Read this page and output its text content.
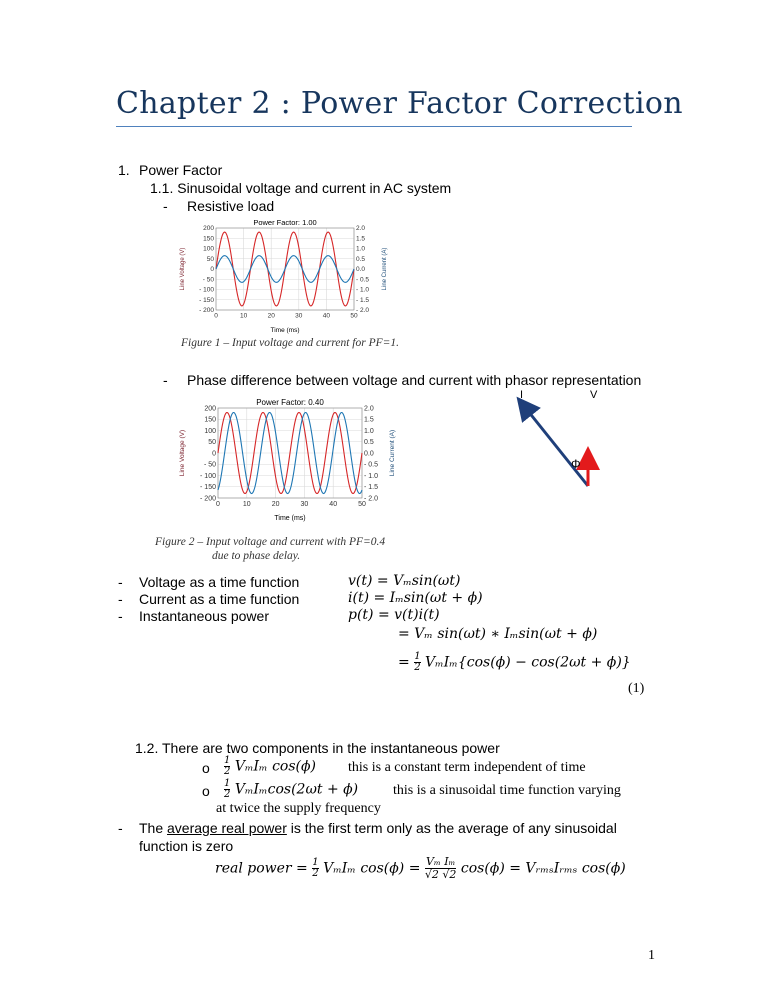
Chapter 2 : Power Factor Correction
1. Power Factor
1.1. Sinusoidal voltage and current in AC system
- Resistive load
Power Factor: 1.00
200
150
100
50
0
- 50
- 100
- 150
- 200
2.0
1.5
1.0
0.5
0.0
- 0.5
- 1.0
- 1.5
- 2.0
0	10	20	30	40	50
Time (ms)
Line Voltage (V)	Line Current (A)
Figure 1 – Input voltage and current for PF=1.
- Phase difference between voltage and current with phasor representation
Power Factor: 0.40
200
150
100
50
0
- 50
- 100
- 150
- 200
2.0
1.5
1.0
0.5
0.0
- 0.5
- 1.0
- 1.5
- 2.0
0	10	20	30	40	50
Time (ms)
Line Voltage (V)	Line Current (A)
I	V
Φ
Figure 2 – Input voltage and current with PF=0.4
due to phase delay.
- Voltage as a time function	v(t) = Vₘsin(ωt)
- Current as a time function	i(t) = Iₘsin(ωt + ϕ)
- Instantaneous power	p(t) = v(t)i(t)
= Vₘ sin(ωt) ∗ Iₘsin(ωt + ϕ)
= $\frac{1}{2} V_mI_m\{\cos(\phi) - \cos(2\omega t + \phi)\}$
(1)
1.2. There are two components in the instantaneous power
o $\frac{1}{2}$ VₘIₘ cos(ϕ) this is a constant term independent of time
o $\frac{1}{2} V_mI_m\cos(2\omega t + \phi)$ this is a sinusoidal time function varying
at twice the supply frequency
- The average real power is the first term only as the average of any sinusoidal
function is zero
real power = $\frac{1}{2}$ VₘIₘ $\cos(\phi) = \frac{\text{Vₘ Iₘ}}{√2 √2} \cos(\phi)$ = VᵣₘₛIᵣₘₛ cos(ϕ)
1
